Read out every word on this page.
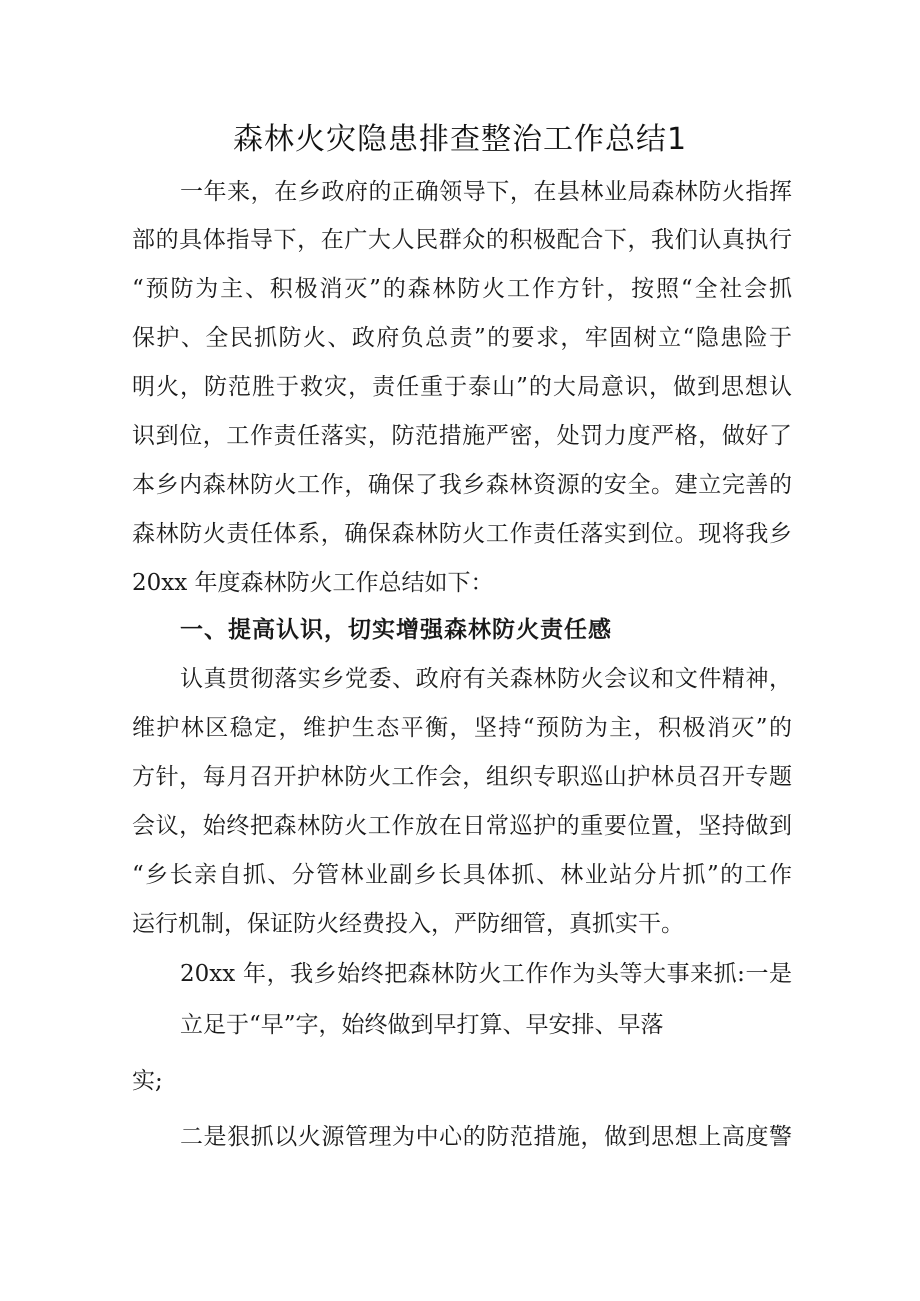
森林火灾隐患排查整治工作总结1
一年来，在乡政府的正确领导下，在县林业局森林防火指挥
部的具体指导下，在广大人民群众的积极配合下，我们认真执行
“预防为主、积极消灭”的森林防火工作方针，按照“全社会抓
保护、全民抓防火、政府负总责”的要求，牢固树立“隐患险于
明火，防范胜于救灾，责任重于泰山”的大局意识，做到思想认
识到位，工作责任落实，防范措施严密，处罚力度严格，做好了
本乡内森林防火工作，确保了我乡森林资源的安全。建立完善的
森林防火责任体系，确保森林防火工作责任落实到位。现将我乡
20xx 年度森林防火工作总结如下：
一、提高认识，切实增强森林防火责任感
认真贯彻落实乡党委、政府有关森林防火会议和文件精神，
维护林区稳定，维护生态平衡，坚持“预防为主，积极消灭”的
方针，每月召开护林防火工作会，组织专职巡山护林员召开专题
会议，始终把森林防火工作放在日常巡护的重要位置，坚持做到
“乡长亲自抓、分管林业副乡长具体抓、林业站分片抓”的工作
运行机制，保证防火经费投入，严防细管，真抓实干。
20xx 年，我乡始终把森林防火工作作为头等大事来抓:一是
立足于“早”字，始终做到早打算、早安排、早落
实;
二是狠抓以火源管理为中心的防范措施，做到思想上高度警
